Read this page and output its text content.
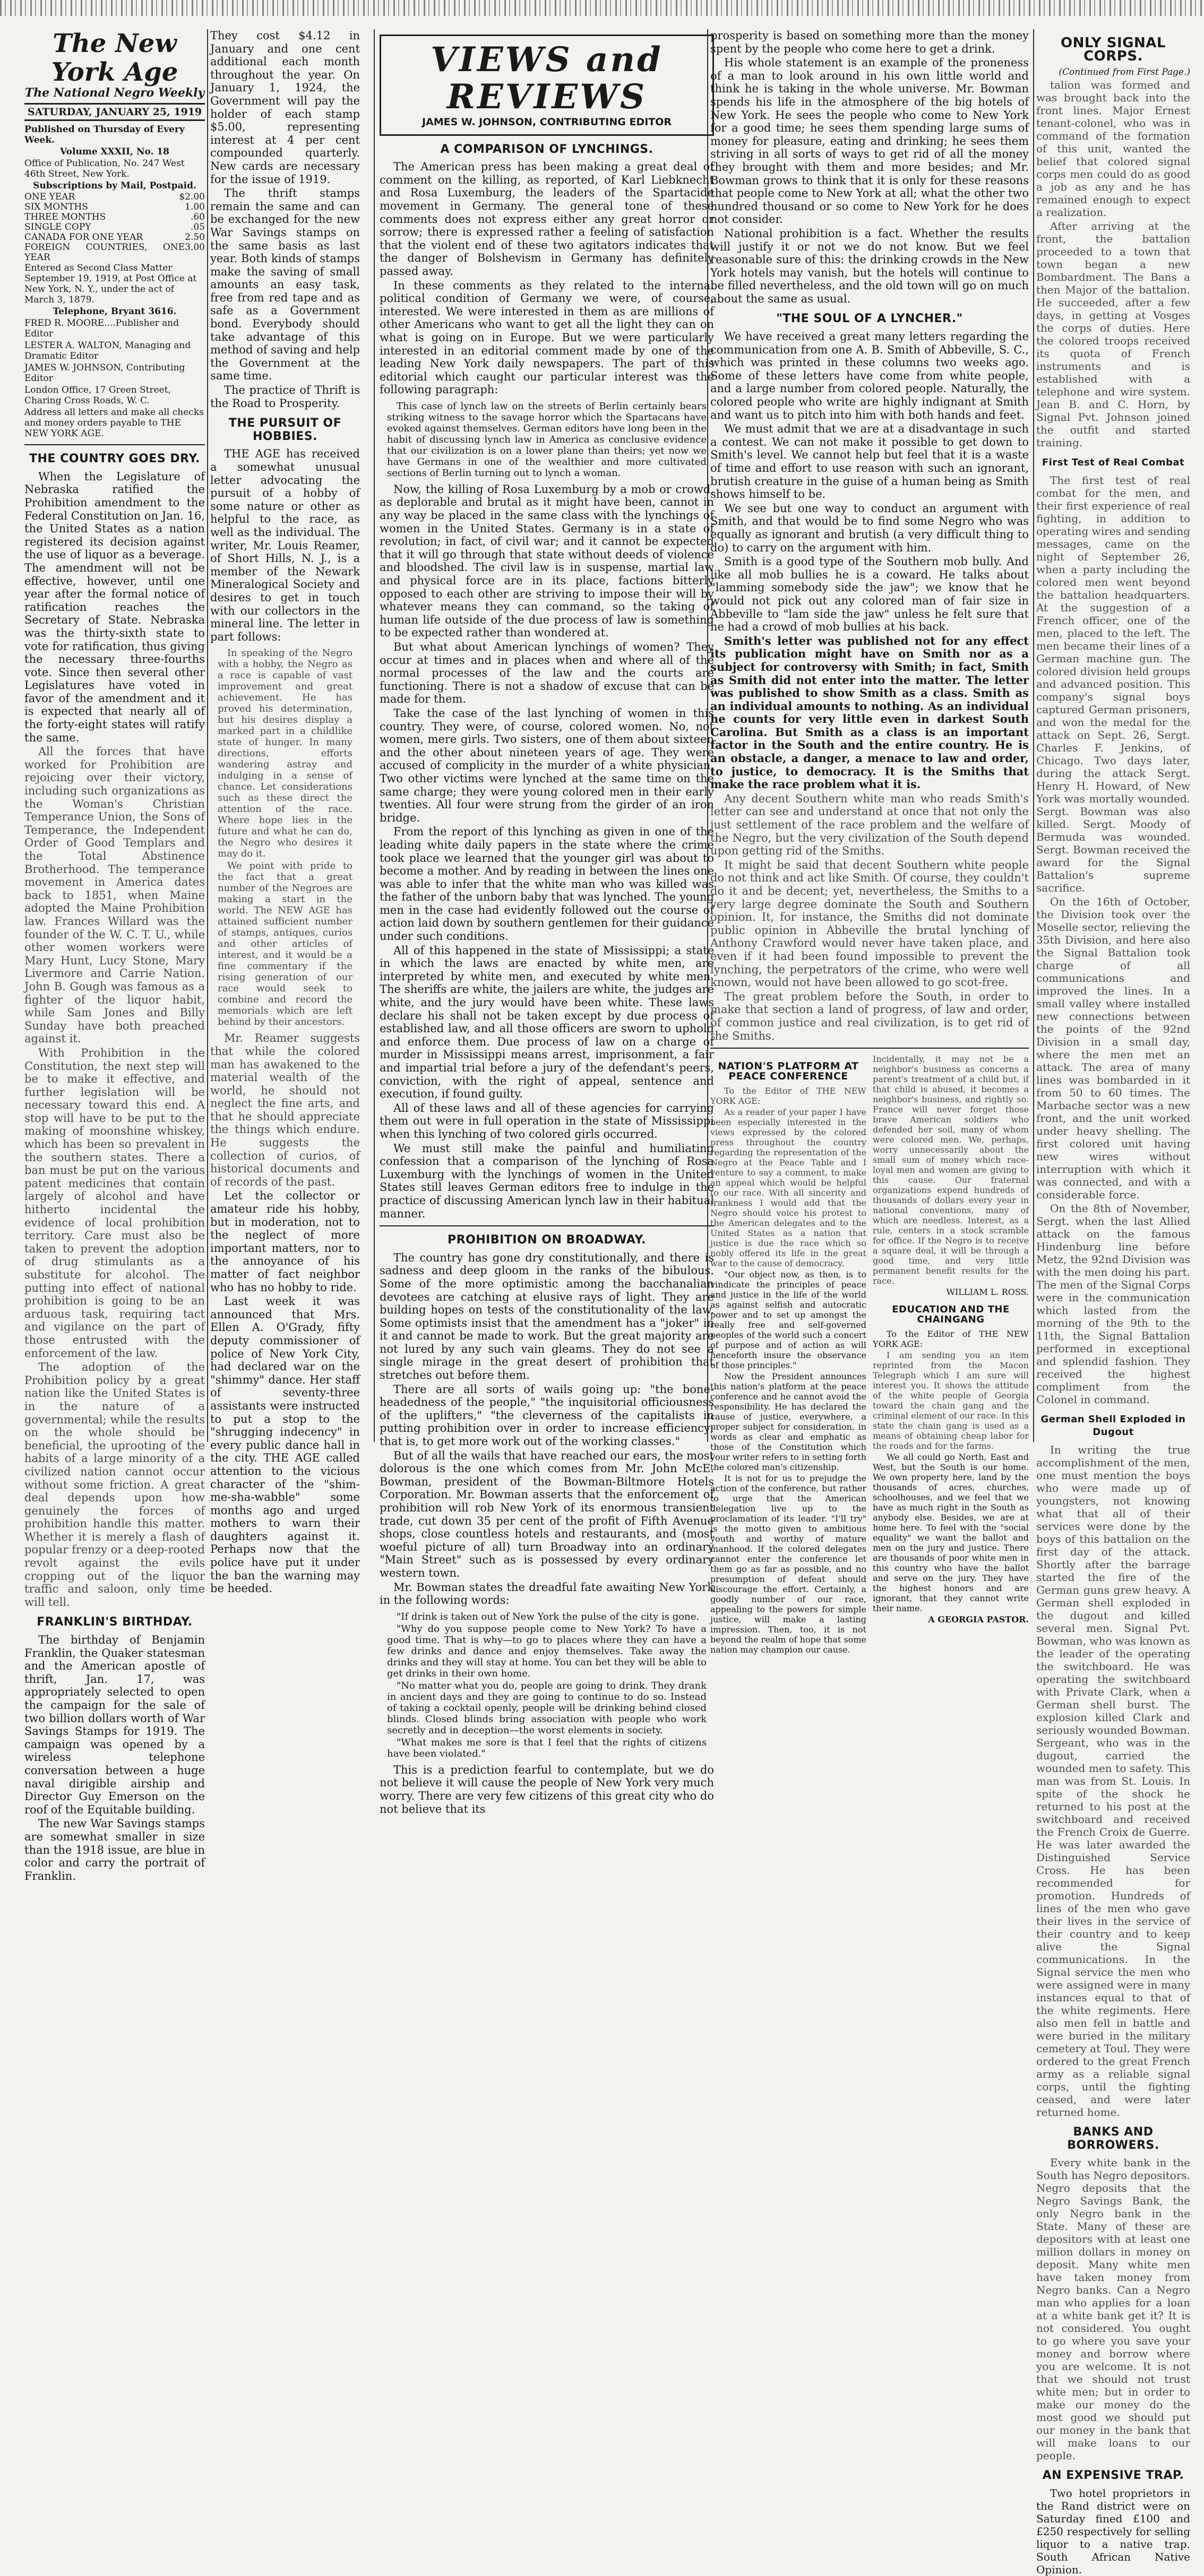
The New York Age
The National Negro Weekly
SATURDAY, JANUARY 25, 1919

Published on Thursday of Every Week.

Volume XXXII, No. 18

Office of Publication, No. 247 West 46th Street, New York.

Subscriptions by Mail, Postpaid.

ONE YEAR	$2.00
SIX MONTHS	1.00
THREE MONTHS	.60
SINGLE COPY	.05
CANADA FOR ONE YEAR	2.50
FOREIGN COUNTRIES, ONE YEAR
3.00

Entered as Second Class Matter September 19, 1919, at Post Office at New York, N. Y., under the act of March 3, 1879.

Telephone, Bryant 3616.

FRED R. MOORE....Publisher and Editor

LESTER A. WALTON, Managing and Dramatic Editor

JAMES W. JOHNSON, Contributing Editor

London Office, 17 Green Street, Charing Cross Roads, W. C.

Address all letters and make all checks and money orders payable to THE NEW YORK AGE.

THE COUNTRY GOES DRY.

When the Legislature of Nebraska ratified the Prohibition amendment to the Federal Constitution on Jan. 16, the United States as a nation registered its decision against the use of liquor as a beverage. The amendment will not be effective, however, until one year after the formal notice of ratification reaches the Secretary of State. Nebraska was the thirty-sixth state to vote for ratification, thus giving the necessary three-fourths vote. Since then several other Legislatures have voted in favor of the amendment and it is expected that nearly all of the forty-eight states will ratify the same.

All the forces that have worked for Prohibition are rejoicing over their victory, including such organizations as the Woman's Christian Temperance Union, the Sons of Temperance, the Independent Order of Good Templars and the Total Abstinence Brotherhood. The temperance movement in America dates back to 1851, when Maine adopted the Maine Prohibition law. Frances Willard was the founder of the W. C. T. U., while other women workers were Mary Hunt, Lucy Stone, Mary Livermore and Carrie Nation. John B. Gough was famous as a fighter of the liquor habit, while Sam Jones and Billy Sunday have both preached against it.

With Prohibition in the Constitution, the next step will be to make it effective, and further legislation will be necessary toward this end. A stop will have to be put to the making of moonshine whiskey, which has been so prevalent in the southern states. There a ban must be put on the various patent medicines that contain largely of alcohol and have hitherto incidental the evidence of local prohibition territory. Care must also be taken to prevent the adoption of drug stimulants as a substitute for alcohol. The putting into effect of national prohibition is going to be an arduous task, requiring tact and vigilance on the part of those entrusted with the enforcement of the law.

The adoption of the Prohibition policy by a great nation like the United States is in the nature of a governmental; while the results on the whole should be beneficial, the uprooting of the habits of a large minority of a civilized nation cannot occur without some friction. A great deal depends upon how genuinely the forces of prohibition handle this matter. Whether it is merely a flash of popular frenzy or a deep-rooted revolt against the evils cropping out of the liquor traffic and saloon, only time will tell.

FRANKLIN'S BIRTHDAY.

The birthday of Benjamin Franklin, the Quaker statesman and the American apostle of thrift, Jan. 17, was appropriately selected to open the campaign for the sale of two billion dollars worth of War Savings Stamps for 1919. The campaign was opened by a wireless telephone conversation between a huge naval dirigible airship and Director Guy Emerson on the roof of the Equitable building.

The new War Savings stamps are somewhat smaller in size than the 1918 issue, are blue in color and carry the portrait of Franklin.

They cost $4.12 in January and one cent additional each month throughout the year. On January 1, 1924, the Government will pay the holder of each stamp $5.00, representing interest at 4 per cent compounded quarterly. New cards are necessary for the issue of 1919.

The thrift stamps remain the same and can be exchanged for the new War Savings stamps on the same basis as last year. Both kinds of stamps make the saving of small amounts an easy task, free from red tape and as safe as a Government bond. Everybody should take advantage of this method of saving and help the Government at the same time.

The practice of Thrift is the Road to Prosperity.

THE PURSUIT OF HOBBIES.

THE AGE has received a somewhat unusual letter advocating the pursuit of a hobby of some nature or other as helpful to the race, as well as the individual. The writer, Mr. Louis Reamer, of Short Hills, N. J., is a member of the Newark Mineralogical Society and desires to get in touch with our collectors in the mineral line. The letter in part follows:

In speaking of the Negro with a hobby, the Negro as a race is capable of vast improvement and great achievement. He has proved his determination, but his desires display a marked part in a childlike state of hunger. In many directions, efforts wandering astray and indulging in a sense of chance. Let considerations such as these direct the attention of the race. Where hope lies in the future and what he can do, the Negro who desires it may do it.

We point with pride to the fact that a great number of the Negroes are making a start in the world. The NEW AGE has attained sufficient number of stamps, antiques, curios and other articles of interest, and it would be a fine commentary if the rising generation of our race would seek to combine and record the memorials which are left behind by their ancestors.

Mr. Reamer suggests that while the colored man has awakened to the material wealth of the world, he should not neglect the fine arts, and that he should appreciate the things which endure. He suggests the collection of curios, of historical documents and of records of the past.

Let the collector or amateur ride his hobby, but in moderation, not to the neglect of more important matters, nor to the annoyance of his matter of fact neighbor who has no hobby to ride.

Last week it was announced that Mrs. Ellen A. O'Grady, fifty deputy commissioner of police of New York City, had declared war on the "shimmy" dance. Her staff of seventy-three assistants were instructed to put a stop to the "shrugging indecency" in every public dance hall in the city. THE AGE called attention to the vicious character of the "shim-me-sha-wabble" some months ago and urged mothers to warn their daughters against it. Perhaps now that the police have put it under the ban the warning may be heeded.

VIEWS and REVIEWS
JAMES W. JOHNSON, CONTRIBUTING EDITOR
A COMPARISON OF LYNCHINGS.

The American press has been making a great deal of comment on the killing, as reported, of Karl Liebknecht and Rosa Luxemburg, the leaders of the Spartacide movement in Germany. The general tone of these comments does not express either any great horror or sorrow; there is expressed rather a feeling of satisfaction that the violent end of these two agitators indicates that the danger of Bolshevism in Germany has definitely passed away.

In these comments as they related to the internal political condition of Germany we were, of course, interested. We were interested in them as are millions of other Americans who want to get all the light they can on what is going on in Europe. But we were particularly interested in an editorial comment made by one of the leading New York daily newspapers. The part of this editorial which caught our particular interest was the following paragraph:

This case of lynch law on the streets of Berlin certainly bears striking witness to the savage horror which the Spartacans have evoked against themselves. German editors have long been in the habit of discussing lynch law in America as conclusive evidence that our civilization is on a lower plane than theirs; yet now we have Germans in one of the wealthier and more cultivated sections of Berlin turning out to lynch a woman.

Now, the killing of Rosa Luxemburg by a mob or crowd, as deplorable and brutal as it might have been, cannot in any way be placed in the same class with the lynchings of women in the United States. Germany is in a state of revolution; in fact, of civil war; and it cannot be expected that it will go through that state without deeds of violence and bloodshed. The civil law is in suspense, martial law and physical force are in its place, factions bitterly opposed to each other are striving to impose their will by whatever means they can command, so the taking of human life outside of the due process of law is something to be expected rather than wondered at.

But what about American lynchings of women? They occur at times and in places when and where all of the normal processes of the law and the courts are functioning. There is not a shadow of excuse that can be made for them.

Take the case of the last lynching of women in this country. They were, of course, colored women. No, not women, mere girls. Two sisters, one of them about sixteen and the other about nineteen years of age. They were accused of complicity in the murder of a white physician. Two other victims were lynched at the same time on the same charge; they were young colored men in their early twenties. All four were strung from the girder of an iron bridge.

From the report of this lynching as given in one of the leading white daily papers in the state where the crime took place we learned that the younger girl was about to become a mother. And by reading in between the lines one was able to infer that the white man who was killed was the father of the unborn baby that was lynched. The young men in the case had evidently followed out the course of action laid down by southern gentlemen for their guidance under such conditions.

All of this happened in the state of Mississippi; a state in which the laws are enacted by white men, are interpreted by white men, and executed by white men. The sheriffs are white, the jailers are white, the judges are white, and the jury would have been white. These laws declare his shall not be taken except by due process of established law, and all those officers are sworn to uphold and enforce them. Due process of law on a charge of murder in Mississippi means arrest, imprisonment, a fair and impartial trial before a jury of the defendant's peers, conviction, with the right of appeal, sentence and execution, if found guilty.

All of these laws and all of these agencies for carrying them out were in full operation in the state of Mississippi when this lynching of two colored girls occurred.

We must still make the painful and humiliating confession that a comparison of the lynching of Rosa Luxemburg with the lynchings of women in the United States still leaves German editors free to indulge in the practice of discussing American lynch law in their habitual manner.

PROHIBITION ON BROADWAY.

The country has gone dry constitutionally, and there is sadness and deep gloom in the ranks of the bibulous. Some of the more optimistic among the bacchanalian devotees are catching at elusive rays of light. They are building hopes on tests of the constitutionality of the law. Some optimists insist that the amendment has a "joker" in it and cannot be made to work. But the great majority are not lured by any such vain gleams. They do not see a single mirage in the great desert of prohibition that stretches out before them.

There are all sorts of wails going up: "the bone-headedness of the people," "the inquisitorial officiousness of the uplifters," "the cleverness of the capitalists in putting prohibition over in order to increase efficiency; that is, to get more work out of the working classes."

But of all the wails that have reached our ears, the most dolorous is the one which comes from Mr. John McE. Bowman, president of the Bowman-Biltmore Hotels Corporation. Mr. Bowman asserts that the enforcement of prohibition will rob New York of its enormous transient trade, cut down 35 per cent of the profit of Fifth Avenue shops, close countless hotels and restaurants, and (most woeful picture of all) turn Broadway into an ordinary "Main Street" such as is possessed by every ordinary western town.

Mr. Bowman states the dreadful fate awaiting New York in the following words:

"If drink is taken out of New York the pulse of the city is gone.

"Why do you suppose people come to New York? To have a good time. That is why—to go to places where they can have a few drinks and dance and enjoy themselves. Take away the drinks and they will stay at home. You can bet they will be able to get drinks in their own home.

"No matter what you do, people are going to drink. They drank in ancient days and they are going to continue to do so. Instead of taking a cocktail openly, people will be drinking behind closed blinds. Closed blinds bring association with people who work secretly and in deception—the worst elements in society.

"What makes me sore is that I feel that the rights of citizens have been violated."

This is a prediction fearful to contemplate, but we do not believe it will cause the people of New York very much worry. There are very few citizens of this great city who do not believe that its

prosperity is based on something more than the money spent by the people who come here to get a drink.

His whole statement is an example of the proneness of a man to look around in his own little world and think he is taking in the whole universe. Mr. Bowman spends his life in the atmosphere of the big hotels of New York. He sees the people who come to New York for a good time; he sees them spending large sums of money for pleasure, eating and drinking; he sees them striving in all sorts of ways to get rid of all the money they brought with them and more besides; and Mr. Bowman grows to think that it is only for these reasons that people come to New York at all; what the other two hundred thousand or so come to New York for he does not consider.

National prohibition is a fact. Whether the results will justify it or not we do not know. But we feel reasonable sure of this: the drinking crowds in the New York hotels may vanish, but the hotels will continue to be filled nevertheless, and the old town will go on much about the same as usual.

"THE SOUL OF A LYNCHER."

We have received a great many letters regarding the communication from one A. B. Smith of Abbeville, S. C., which was printed in these columns two weeks ago. Some of these letters have come from white people, and a large number from colored people. Naturally, the colored people who write are highly indignant at Smith and want us to pitch into him with both hands and feet.

We must admit that we are at a disadvantage in such a contest. We can not make it possible to get down to Smith's level. We cannot help but feel that it is a waste of time and effort to use reason with such an ignorant, brutish creature in the guise of a human being as Smith shows himself to be.

We see but one way to conduct an argument with Smith, and that would be to find some Negro who was equally as ignorant and brutish (a very difficult thing to do) to carry on the argument with him.

Smith is a good type of the Southern mob bully. And like all mob bullies he is a coward. He talks about "lamming somebody side the jaw"; we know that he would not pick out any colored man of fair size in Abbeville to "lam side the jaw" unless he felt sure that he had a crowd of mob bullies at his back.

Smith's letter was published not for any effect its publication might have on Smith nor as a subject for controversy with Smith; in fact, Smith as Smith did not enter into the matter. The letter was published to show Smith as a class. Smith as an individual amounts to nothing. As an individual he counts for very little even in darkest South Carolina. But Smith as a class is an important factor in the South and the entire country. He is an obstacle, a danger, a menace to law and order, to justice, to democracy. It is the Smiths that make the race problem what it is.

Any decent Southern white man who reads Smith's letter can see and understand at once that not only the just settlement of the race problem and the welfare of the Negro, but the very civilization of the South depend upon getting rid of the Smiths.

It might be said that decent Southern white people do not think and act like Smith. Of course, they couldn't do it and be decent; yet, nevertheless, the Smiths to a very large degree dominate the South and Southern opinion. It, for instance, the Smiths did not dominate public opinion in Abbeville the brutal lynching of Anthony Crawford would never have taken place, and even if it had been found impossible to prevent the lynching, the perpetrators of the crime, who were well known, would not have been allowed to go scot-free.

The great problem before the South, in order to make that section a land of progress, of law and order, of common justice and real civilization, is to get rid of the Smiths.

NATION'S PLATFORM AT PEACE CONFERENCE

To the Editor of THE NEW YORK AGE:

As a reader of your paper I have been especially interested in the views expressed by the colored press throughout the country regarding the representation of the Negro at the Peace Table and I venture to say a comment, to make an appeal which would be helpful to our race. With all sincerity and frankness I would add that the Negro should voice his protest to the American delegates and to the United States as a nation that justice is due the race which so nobly offered its life in the great war to the cause of democracy.

"Our object now, as then, is to vindicate the principles of peace and justice in the life of the world as against selfish and autocratic power and to set up amongst the really free and self-governed peoples of the world such a concert of purpose and of action as will henceforth insure the observance of those principles."

Now the President announces this nation's platform at the peace conference and he cannot avoid the responsibility. He has declared the cause of justice, everywhere, a proper subject for consideration, in words as clear and emphatic as those of the Constitution which your writer refers to in setting forth the colored man's citizenship.

It is not for us to prejudge the action of the conference, but rather to urge that the American delegation live up to the proclamation of its leader. "I'll try" is the motto given to ambitious youth and worthy of mature manhood. If the colored delegates cannot enter the conference let them go as far as possible, and no presumption of defeat should discourage the effort. Certainly, a goodly number of our race, appealing to the powers for simple justice, will make a lasting impression. Then, too, it is not beyond the realm of hope that some nation may champion our cause.

Incidentally, it may not be a neighbor's business as concerns a parent's treatment of a child but, if that child is abused, it becomes a neighbor's business, and rightly so. France will never forget those brave American soldiers who defended her soil, many of whom were colored men. We, perhaps, worry unnecessarily about the small sum of money which race-loyal men and women are giving to this cause. Our fraternal organizations expend hundreds of thousands of dollars every year in national conventions, many of which are needless. Interest, as a rule, centers in a stock scramble for office. If the Negro is to receive a square deal, it will be through a good time, and very little permanent benefit results for the race.

WILLIAM L. ROSS.

EDUCATION AND THE CHAINGANG

To the Editor of THE NEW YORK AGE:

I am sending you an item reprinted from the Macon Telegraph which I am sure will interest you. It shows the attitude of the white people of Georgia toward the chain gang and the criminal element of our race. In this state the chain gang is used as a means of obtaining cheap labor for the roads and for the farms.

We all could go North, East and West, but the South is our home. We own property here, land by the thousands of acres, churches, schoolhouses, and we feel that we have as much right in the South as anybody else. Besides, we are at home here. To feel with the "social equality" we want the ballot and men on the jury and justice. There are thousands of poor white men in this country who have the ballot and serve on the jury. They have the highest honors and are ignorant, that they cannot write their name.

A GEORGIA PASTOR.

ONLY SIGNAL CORPS.

(Continued from First Page.)

talion was formed and was brought back into the front lines. Major Ernest tenant-colonel, who was in command of the formation of this unit, wanted the belief that colored signal corps men could do as good a job as any and he has remained enough to expect a realization.

After arriving at the front, the battalion proceeded to a town that town began a new Bombardment. The Bans a then Major of the battalion. He succeeded, after a few days, in getting at Vosges the corps of duties. Here the colored troops received its quota of French instruments and is established with a telephone and wire system. Jean B. and C. Horn, by Signal Pvt. Johnson joined the outfit and started training.

First Test of Real Combat

The first test of real combat for the men, and their first experience of real fighting, in addition to operating wires and sending messages, came on the night of September 26, when a party including the colored men went beyond the battalion headquarters. At the suggestion of a French officer, one of the men, placed to the left. The men became their lines of a German machine gun. The colored division held groups and advanced position. This company's signal boys captured German prisoners, and won the medal for the attack on Sept. 26, Sergt. Charles F. Jenkins, of Chicago. Two days later, during the attack Sergt. Henry H. Howard, of New York was mortally wounded. Sergt. Bowman was also killed. Sergt. Moody of Bermuda was wounded. Sergt. Bowman received the award for the Signal Battalion's supreme sacrifice.

On the 16th of October, the Division took over the Moselle sector, relieving the 35th Division, and here also the Signal Battalion took charge of all communications and improved the lines. In a small valley where installed new connections between the points of the 92nd Division in a small day, where the men met an attack. The area of many lines was bombarded in it from 50 to 60 times. The Marbache sector was a new front, and the unit worked under heavy shelling. The first colored unit having new wires without interruption with which it was connected, and with a considerable force.

On the 8th of November, Sergt. when the last Allied attack on the famous Hindenburg line before Metz, the 92nd Division was with the men doing his part. The men of the Signal Corps were in the communication which lasted from the morning of the 9th to the 11th, the Signal Battalion performed in exceptional and splendid fashion. They received the highest compliment from the Colonel in command.

German Shell Exploded in Dugout

In writing the true accomplishment of the men, one must mention the boys who were made up of youngsters, not knowing what that all of their services were done by the boys of this battalion on the first day of the attack. Shortly after the barrage started the fire of the German guns grew heavy. A German shell exploded in the dugout and killed several men. Signal Pvt. Bowman, who was known as the leader of the operating the switchboard. He was operating the switchboard with Private Clark, when a German shell burst. The explosion killed Clark and seriously wounded Bowman. Sergeant, who was in the dugout, carried the wounded men to safety. This man was from St. Louis. In spite of the shock he returned to his post at the switchboard and received the French Croix de Guerre. He was later awarded the Distinguished Service Cross. He has been recommended for promotion. Hundreds of lines of the men who gave their lives in the service of their country and to keep alive the Signal communications. In the Signal service the men who were assigned were in many instances equal to that of the white regiments. Here also men fell in battle and were buried in the military cemetery at Toul. They were ordered to the great French army as a reliable signal corps, until the fighting ceased, and were later returned home.

BANKS AND BORROWERS.

Every white bank in the South has Negro depositors. Negro deposits that the Negro Savings Bank, the only Negro bank in the State. Many of these are depositors with at least one million dollars in money on deposit. Many white men have taken money from Negro banks. Can a Negro man who applies for a loan at a white bank get it? It is not considered. You ought to go where you save your money and borrow where you are welcome. It is not that we should not trust white men; but in order to make our money do the most good we should put our money in the bank that will make loans to our people.

AN EXPENSIVE TRAP.

Two hotel proprietors in the Rand district were on Saturday fined £100 and £250 respectively for selling liquor to a native trap. South African Native Opinion.
